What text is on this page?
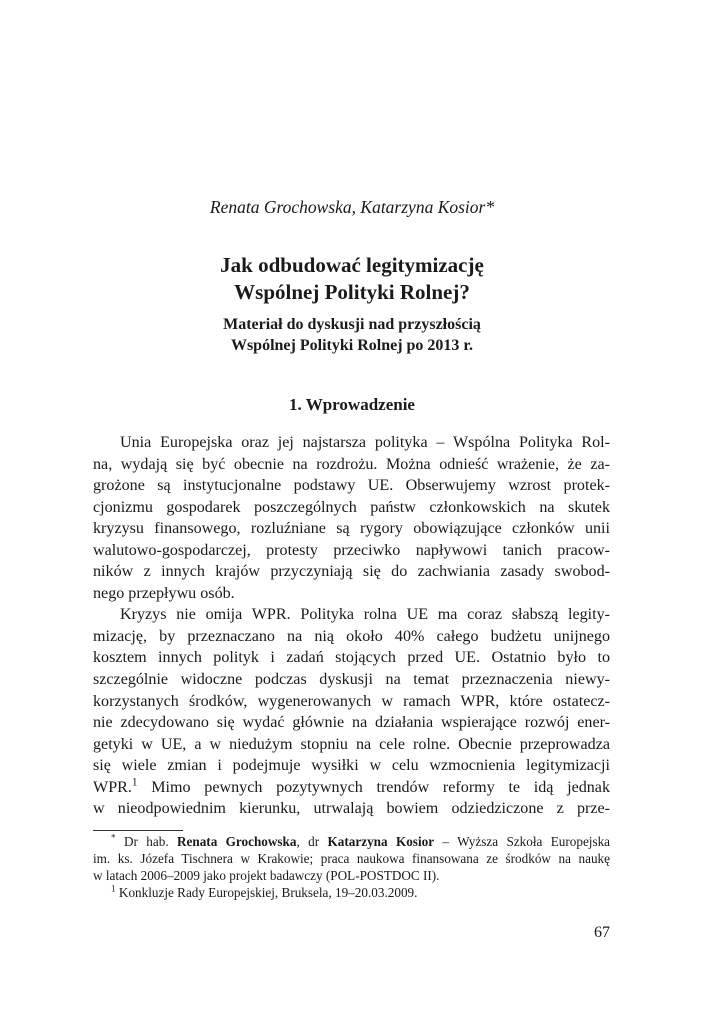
Renata Grochowska, Katarzyna Kosior*
Jak odbudować legitymizację
Wspólnej Polityki Rolnej?
Materiał do dyskusji nad przyszłością
Wspólnej Polityki Rolnej po 2013 r.
1. Wprowadzenie
Unia Europejska oraz jej najstarsza polityka – Wspólna Polityka Rol-
na, wydają się być obecnie na rozdrożu. Można odnieść wrażenie, że za-
grożone są instytucjonalne podstawy UE. Obserwujemy wzrost protek-
cjonizmu gospodarek poszczególnych państw członkowskich na skutek
kryzysu finansowego, rozluźniane są rygory obowiązujące członków unii
walutowo-gospodarczej, protesty przeciwko napływowi tanich pracow-
ników z innych krajów przyczyniają się do zachwiania zasady swobod-
nego przepływu osób.
Kryzys nie omija WPR. Polityka rolna UE ma coraz słabszą legity-
mizację, by przeznaczano na nią około 40% całego budżetu unijnego
kosztem innych polityk i zadań stojących przed UE. Ostatnio było to
szczególnie widoczne podczas dyskusji na temat przeznaczenia niewy-
korzystanych środków, wygenerowanych w ramach WPR, które ostatecz-
nie zdecydowano się wydać głównie na działania wspierające rozwój ener-
getyki w UE, a w niedużym stopniu na cele rolne. Obecnie przeprowadza
się wiele zmian i podejmuje wysiłki w celu wzmocnienia legitymizacji
WPR.$^1$ Mimo pewnych pozytywnych trendów reformy te idą jednak
w nieodpowiednim kierunku, utrwalają bowiem odziedziczone z prze-
* Dr hab. Renata Grochowska, dr Katarzyna Kosior – Wyższa Szkoła Europejska
im. ks. Józefa Tischnera w Krakowie; praca naukowa finansowana ze środków na naukę
w latach 2006–2009 jako projekt badawczy (POL-POSTDOC II).
$^1$ Konkluzje Rady Europejskiej, Bruksela, 19–20.03.2009.
67
